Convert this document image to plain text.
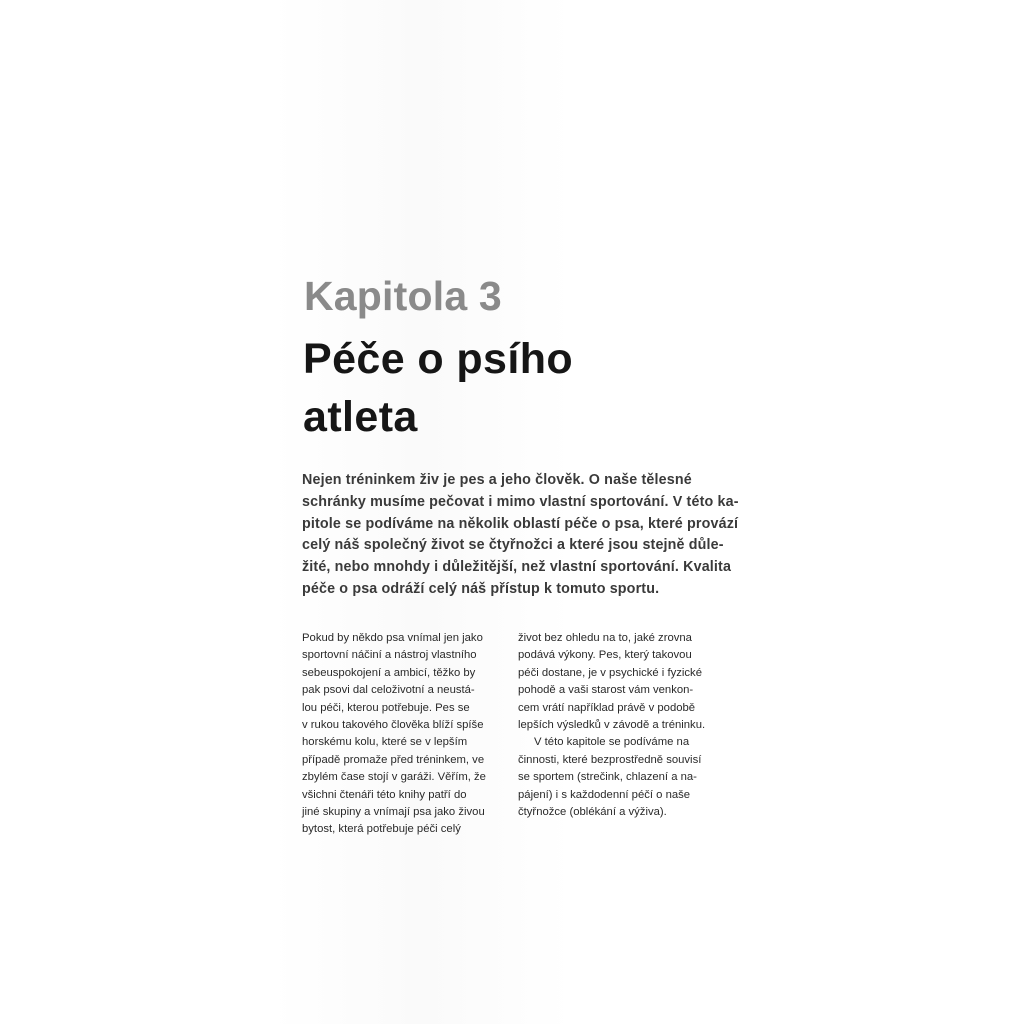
Kapitola 3
Péče o psího
atleta

Nejen tréninkem živ je pes a jeho člověk. O naše tělesné
schránky musíme pečovat i mimo vlastní sportování. V této ka-
pitole se podíváme na několik oblastí péče o psa, které provází
celý náš společný život se čtyřnožci a které jsou stejně důle-
žité, nebo mnohdy i důležitější, než vlastní sportování. Kvalita
péče o psa odráží celý náš přístup k tomuto sportu.

Pokud by někdo psa vnímal jen jako
sportovní náčiní a nástroj vlastního
sebeuspokojení a ambicí, těžko by
pak psovi dal celoživotní a neustá-
lou péči, kterou potřebuje. Pes se
v rukou takového člověka blíží spíše
horskému kolu, které se v lepším
případě promaže před tréninkem, ve
zbylém čase stojí v garáži. Věřím, že
všichni čtenáři této knihy patří do
jiné skupiny a vnímají psa jako živou
bytost, která potřebuje péči celý

život bez ohledu na to, jaké zrovna
podává výkony. Pes, který takovou
péči dostane, je v psychické i fyzické
pohodě a vaši starost vám venkon-
cem vrátí například právě v podobě
lepších výsledků v závodě a tréninku.
V této kapitole se podíváme na
činnosti, které bezprostředně souvisí
se sportem (strečink, chlazení a na-
pájení) i s každodenní péčí o naše
čtyřnožce (oblékání a výživa).
